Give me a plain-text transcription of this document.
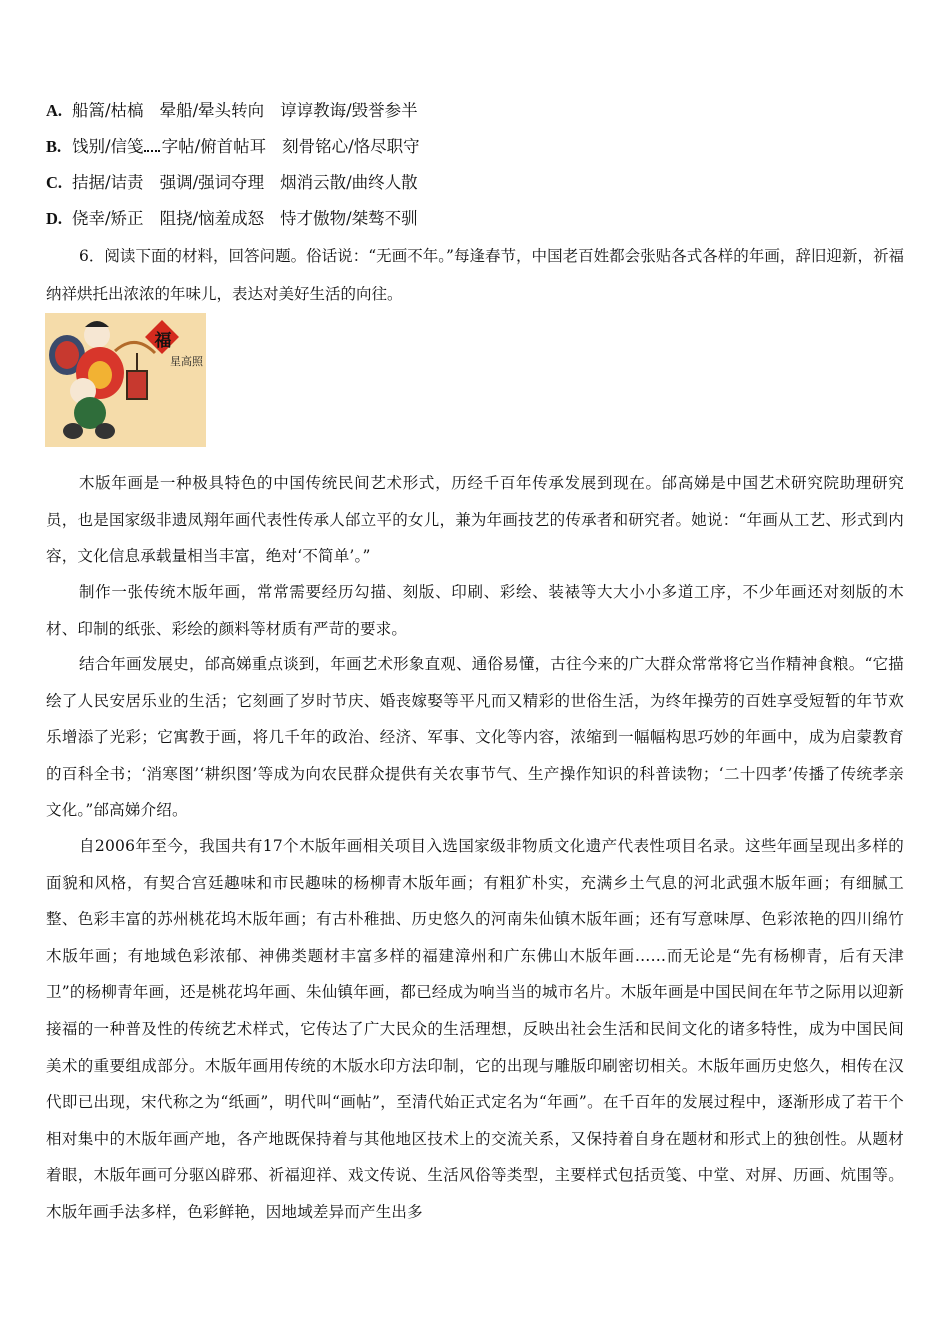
A. 船篙/枯槁 晕船/晕头转向 谆谆教诲/毁誉参半
B. 饯别/信笺 字帖/俯首帖耳 刻骨铭心/恪尽职守
C. 拮据/诘责 强调/强词夺理 烟消云散/曲终人散
D. 侥幸/矫正 阻挠/恼羞成怒 恃才傲物/桀骜不驯

6．阅读下面的材料，回答问题。俗话说：“无画不年。”每逢春节，中国老百姓都会张贴各式各样的年画，辞旧迎新，祈福纳祥烘托出浓浓的年味儿，表达对美好生活的向往。

福
星高照

木版年画是一种极具特色的中国传统民间艺术形式，历经千百年传承发展到现在。邰高娣是中国艺术研究院助理研究员，也是国家级非遗凤翔年画代表性传承人邰立平的女儿，兼为年画技艺的传承者和研究者。她说：“年画从工艺、形式到内容，文化信息承载量相当丰富，绝对‘不简单’。”

制作一张传统木版年画，常常需要经历勾描、刻版、印刷、彩绘、装裱等大大小小多道工序，不少年画还对刻版的木材、印制的纸张、彩绘的颜料等材质有严苛的要求。

结合年画发展史，邰高娣重点谈到，年画艺术形象直观、通俗易懂，古往今来的广大群众常常将它当作精神食粮。“它描绘了人民安居乐业的生活；它刻画了岁时节庆、婚丧嫁娶等平凡而又精彩的世俗生活，为终年操劳的百姓享受短暂的年节欢乐增添了光彩；它寓教于画，将几千年的政治、经济、军事、文化等内容，浓缩到一幅幅构思巧妙的年画中，成为启蒙教育的百科全书；‘消寒图’‘耕织图’等成为向农民群众提供有关农事节气、生产操作知识的科普读物；‘二十四孝’传播了传统孝亲文化。”邰高娣介绍。

自2006年至今，我国共有17个木版年画相关项目入选国家级非物质文化遗产代表性项目名录。这些年画呈现出多样的面貌和风格，有契合宫廷趣味和市民趣味的杨柳青木版年画；有粗犷朴实，充满乡土气息的河北武强木版年画；有细腻工整、色彩丰富的苏州桃花坞木版年画；有古朴稚拙、历史悠久的河南朱仙镇木版年画；还有写意味厚、色彩浓艳的四川绵竹木版年画；有地域色彩浓郁、神佛类题材丰富多样的福建漳州和广东佛山木版年画……而无论是“先有杨柳青，后有天津卫”的杨柳青年画，还是桃花坞年画、朱仙镇年画，都已经成为响当当的城市名片。木版年画是中国民间在年节之际用以迎新接福的一种普及性的传统艺术样式，它传达了广大民众的生活理想，反映出社会生活和民间文化的诸多特性，成为中国民间美术的重要组成部分。木版年画用传统的木版水印方法印制，它的出现与雕版印刷密切相关。木版年画历史悠久，相传在汉代即已出现，宋代称之为“纸画”，明代叫“画帖”，至清代始正式定名为“年画”。在千百年的发展过程中，逐渐形成了若干个相对集中的木版年画产地，各产地既保持着与其他地区技术上的交流关系，又保持着自身在题材和形式上的独创性。从题材着眼，木版年画可分驱凶辟邪、祈福迎祥、戏文传说、生活风俗等类型，主要样式包括贡笺、中堂、对屏、历画、炕围等。木版年画手法多样，色彩鲜艳，因地域差异而产生出多
